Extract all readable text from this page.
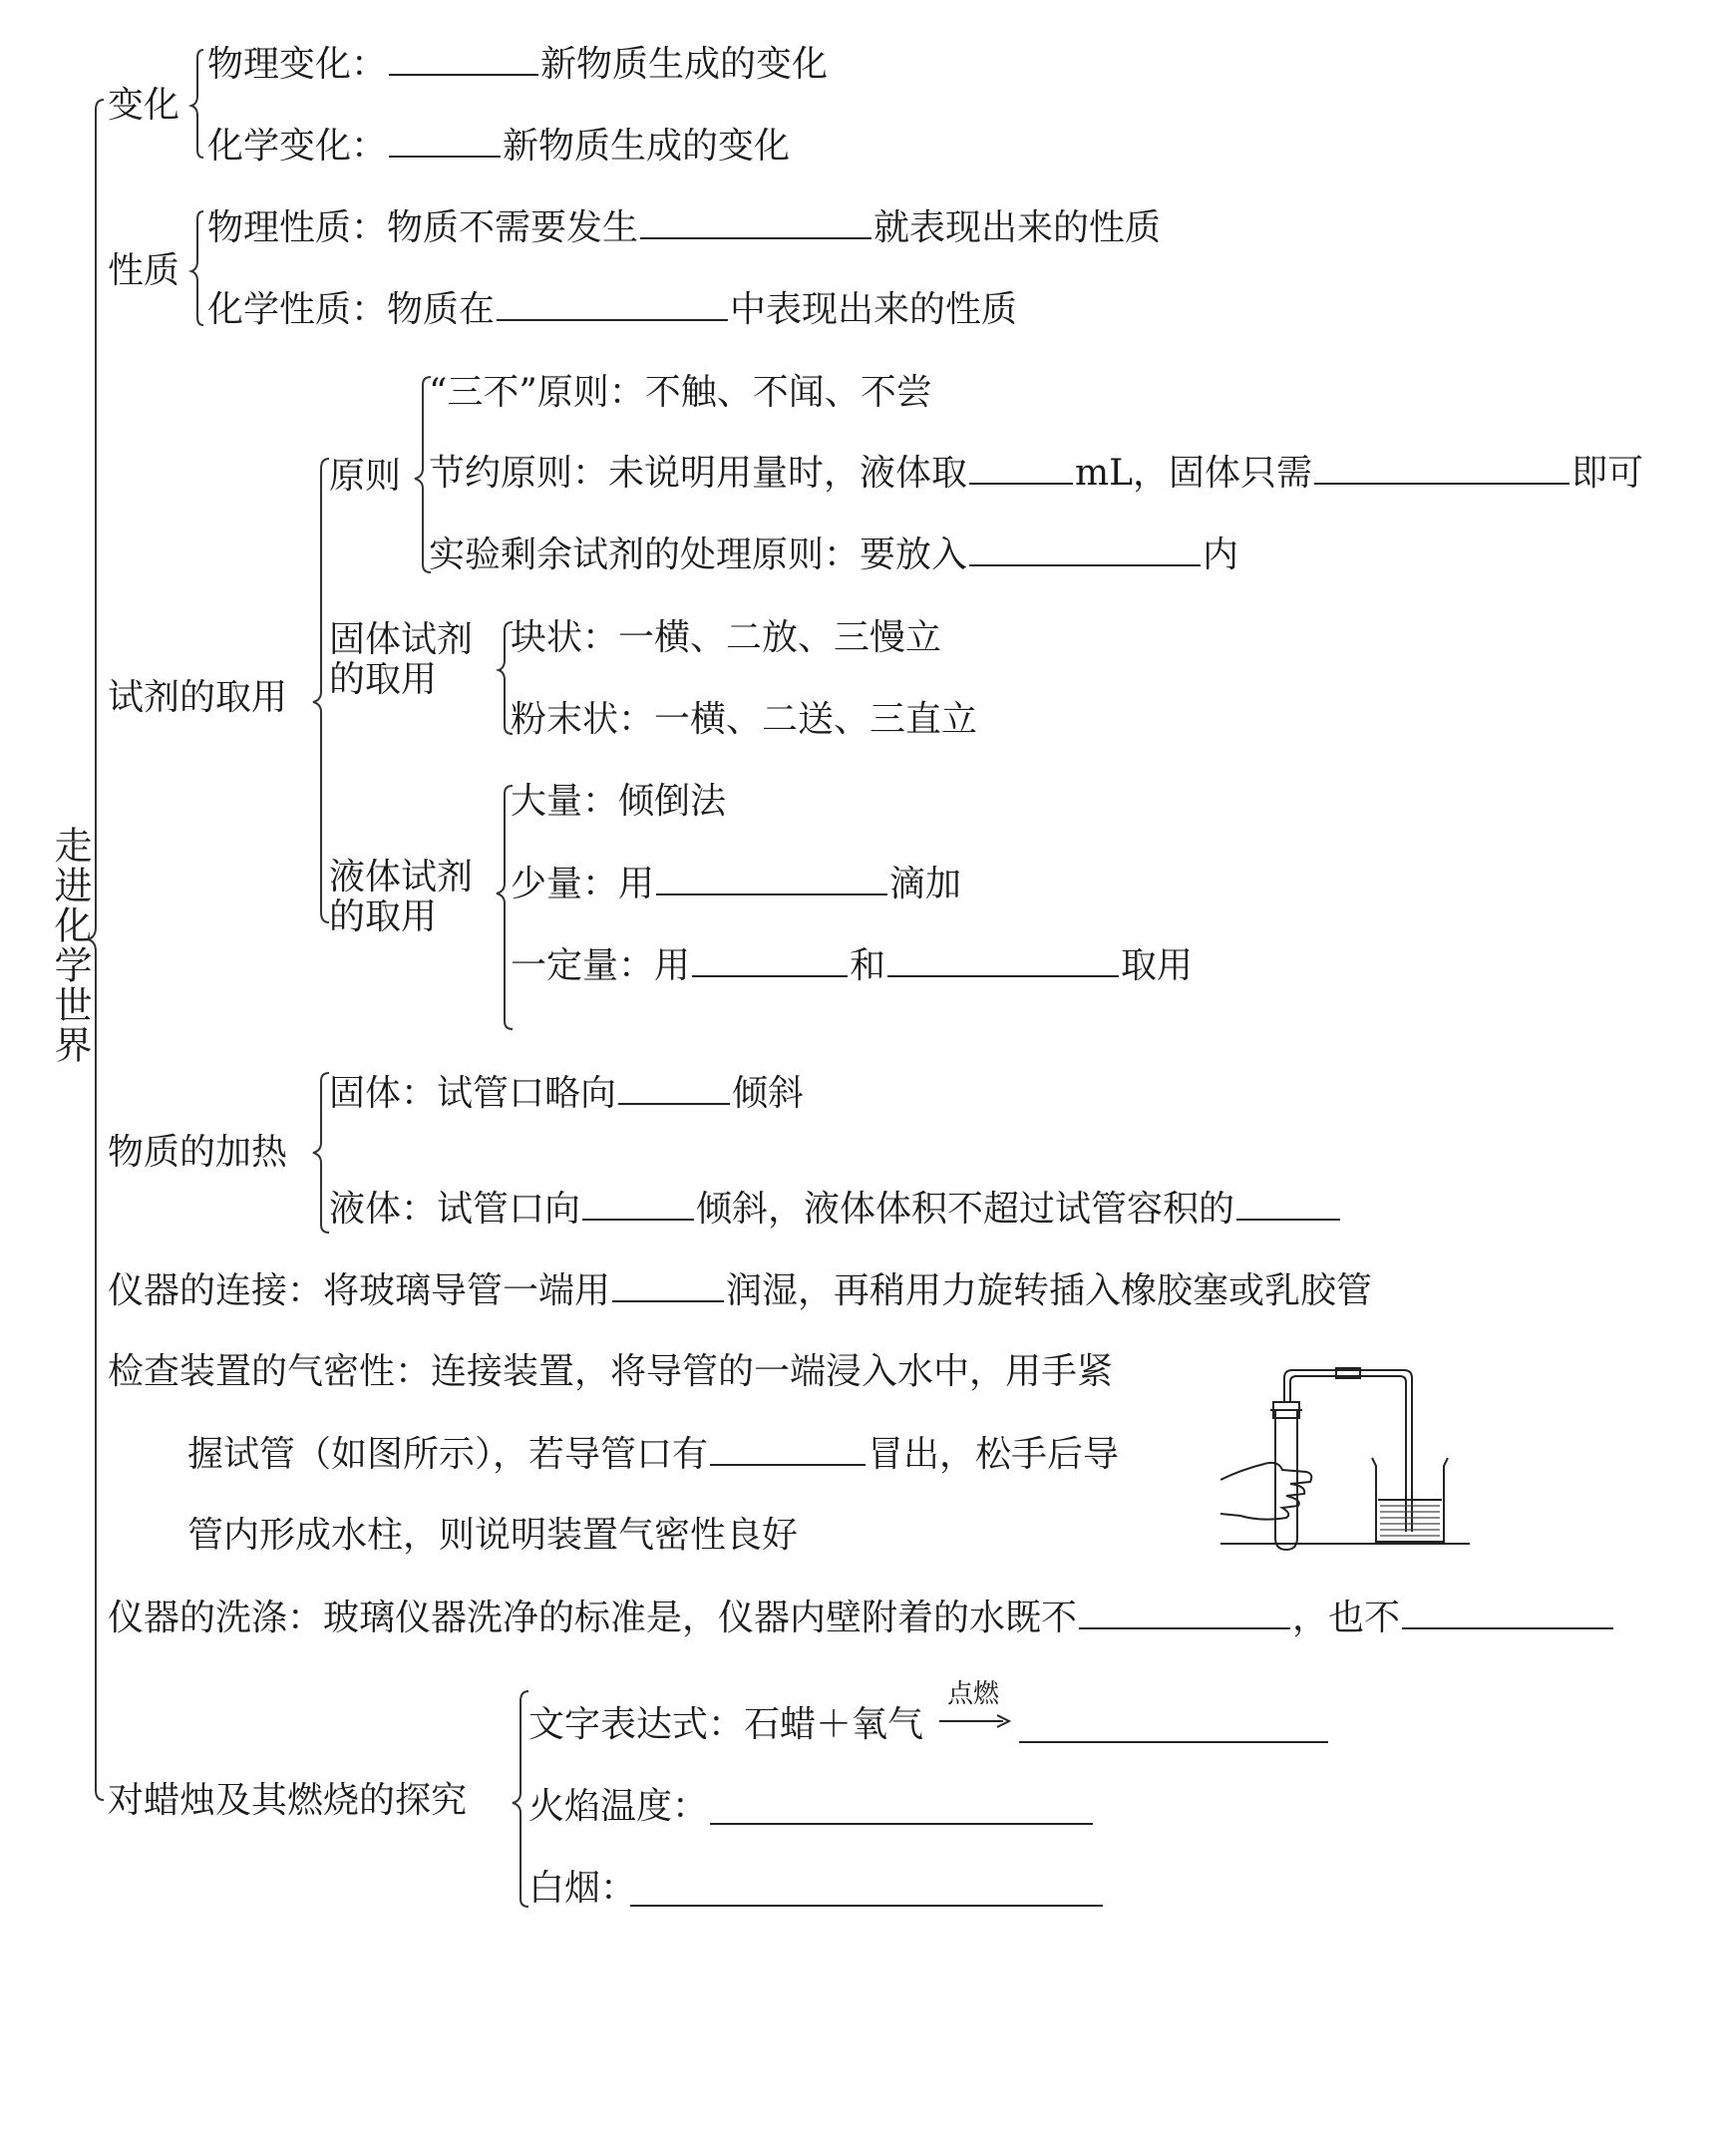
走进化学世界
变化
物理变化：	新物质生成的变化
化学变化：	新物质生成的变化
性质
物理性质：物质不需要发生	就表现出来的性质
化学性质：物质在	中表现出来的性质
试剂的取用
原则
“三不”原则：不触、不闻、不尝
节约原则：未说明用量时，液体取	mL，固体只需	即可
实验剩余试剂的处理原则：要放入	内
固体试剂
的取用
块状：一横、二放、三慢立
粉末状：一横、二送、三直立
液体试剂
的取用
大量：倾倒法
少量：用	滴加
一定量：用	和	取用
物质的加热
固体：试管口略向	倾斜
液体：试管口向	倾斜，液体体积不超过试管容积的
仪器的连接：将玻璃导管一端用	润湿，再稍用力旋转插入橡胶塞或乳胶管
检查装置的气密性：连接装置，将导管的一端浸入水中，用手紧
握试管（如图所示），若导管口有	冒出，松手后导
管内形成水柱，则说明装置气密性良好
仪器的洗涤：玻璃仪器洗净的标准是，仪器内壁附着的水既不	，也不
对蜡烛及其燃烧的探究
文字表达式：石蜡＋氧气
点燃
火焰温度：
白烟：
